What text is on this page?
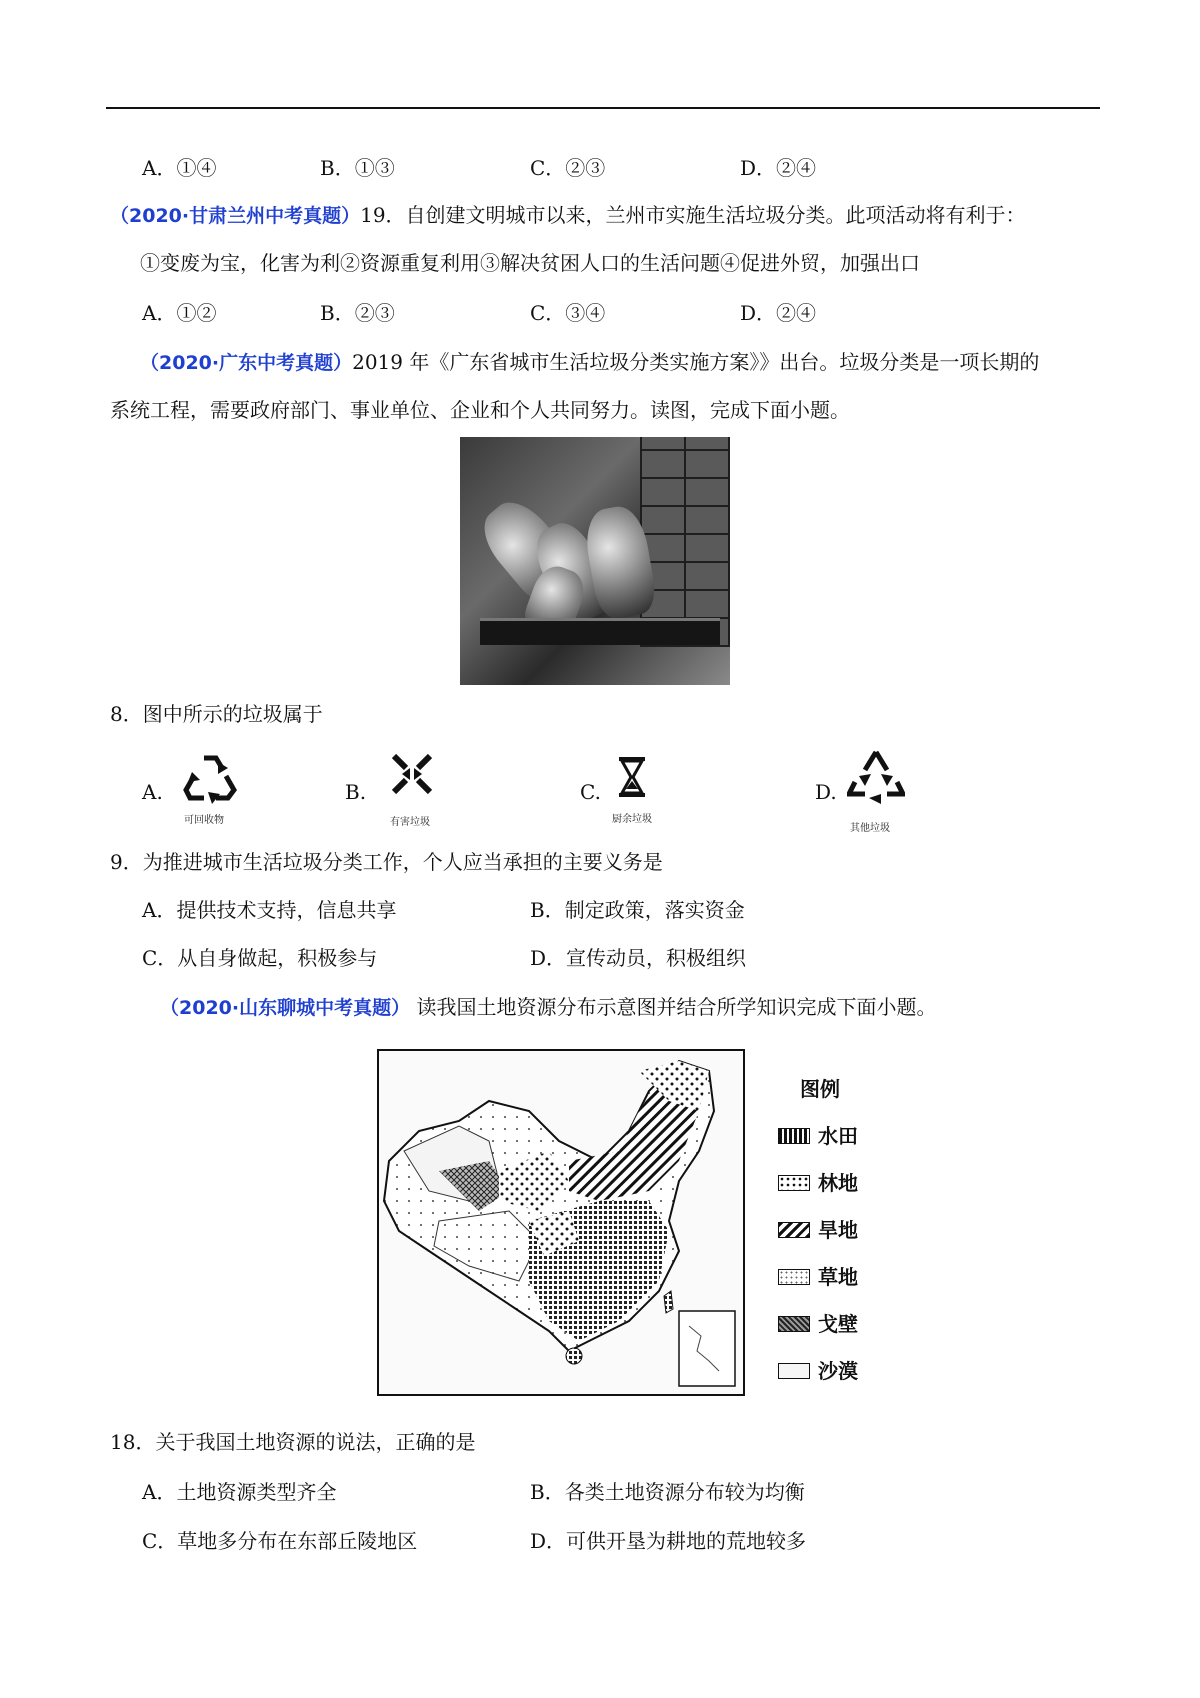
A．①④	B．①③	C．②③	D．②④
（2020·甘肃兰州中考真题）19．自创建文明城市以来，兰州市实施生活垃圾分类。此项活动将有利于：
①变废为宝，化害为利②资源重复利用③解决贫困人口的生活问题④促进外贸，加强出口
A．①②	B．②③	C．③④	D．②④
（2020·广东中考真题）2019 年《广东省城市生活垃圾分类实施方案》》出台。垃圾分类是一项长期的
系统工程，需要政府部门、事业单位、企业和个人共同努力。读图，完成下面小题。
8．图中所示的垃圾属于
A.
可回收物
B.
有害垃圾
C.
厨余垃圾
D.
其他垃圾
9．为推进城市生活垃圾分类工作，个人应当承担的主要义务是
A．提供技术支持，信息共享	B．制定政策，落实资金
C．从自身做起，积极参与	D．宣传动员，积极组织
（2020·山东聊城中考真题） 读我国土地资源分布示意图并结合所学知识完成下面小题。
图例
水田
林地
旱地
草地
戈壁
沙漠
18．关于我国土地资源的说法，正确的是
A．土地资源类型齐全	B．各类土地资源分布较为均衡
C．草地多分布在东部丘陵地区	D．可供开垦为耕地的荒地较多
